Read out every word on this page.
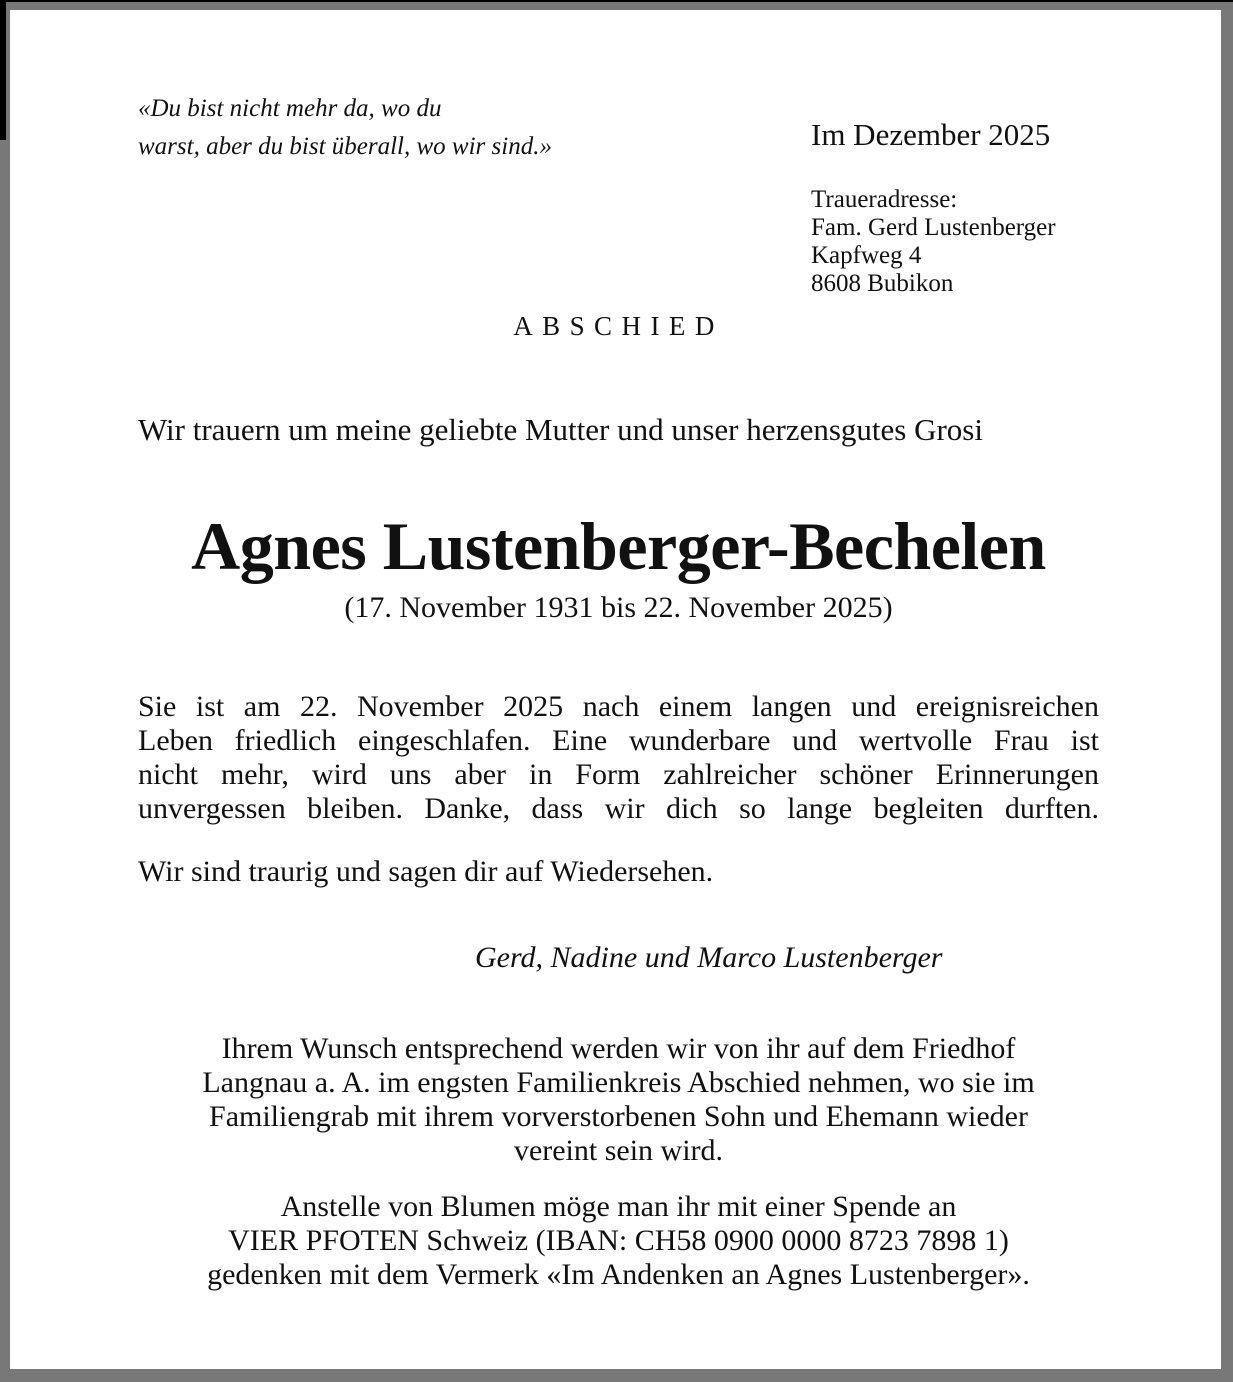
«Du bist nicht mehr da, wo du
warst, aber du bist überall, wo wir sind.»	Im Dezember 2025
Traueradresse:
Fam. Gerd Lustenberger
Kapfweg 4
8608 Bubikon
ABSCHIED
Wir trauern um meine geliebte Mutter und unser herzensgutes Grosi
Agnes Lustenberger-Bechelen
(17. November 1931 bis 22. November 2025)
Sie ist am 22. November 2025 nach einem langen und ereignisreichen
Leben friedlich eingeschlafen. Eine wunderbare und wertvolle Frau ist
nicht mehr, wird uns aber in Form zahlreicher schöner Erinnerungen
unvergessen bleiben. Danke, dass wir dich so lange begleiten durften.
Wir sind traurig und sagen dir auf Wiedersehen.
Gerd, Nadine und Marco Lustenberger
Ihrem Wunsch entsprechend werden wir von ihr auf dem Friedhof
Langnau a. A. im engsten Familienkreis Abschied nehmen, wo sie im
Familiengrab mit ihrem vorverstorbenen Sohn und Ehemann wieder
vereint sein wird.
Anstelle von Blumen möge man ihr mit einer Spende an
VIER PFOTEN Schweiz (IBAN: CH58 0900 0000 8723 7898 1)
gedenken mit dem Vermerk «Im Andenken an Agnes Lustenberger».
